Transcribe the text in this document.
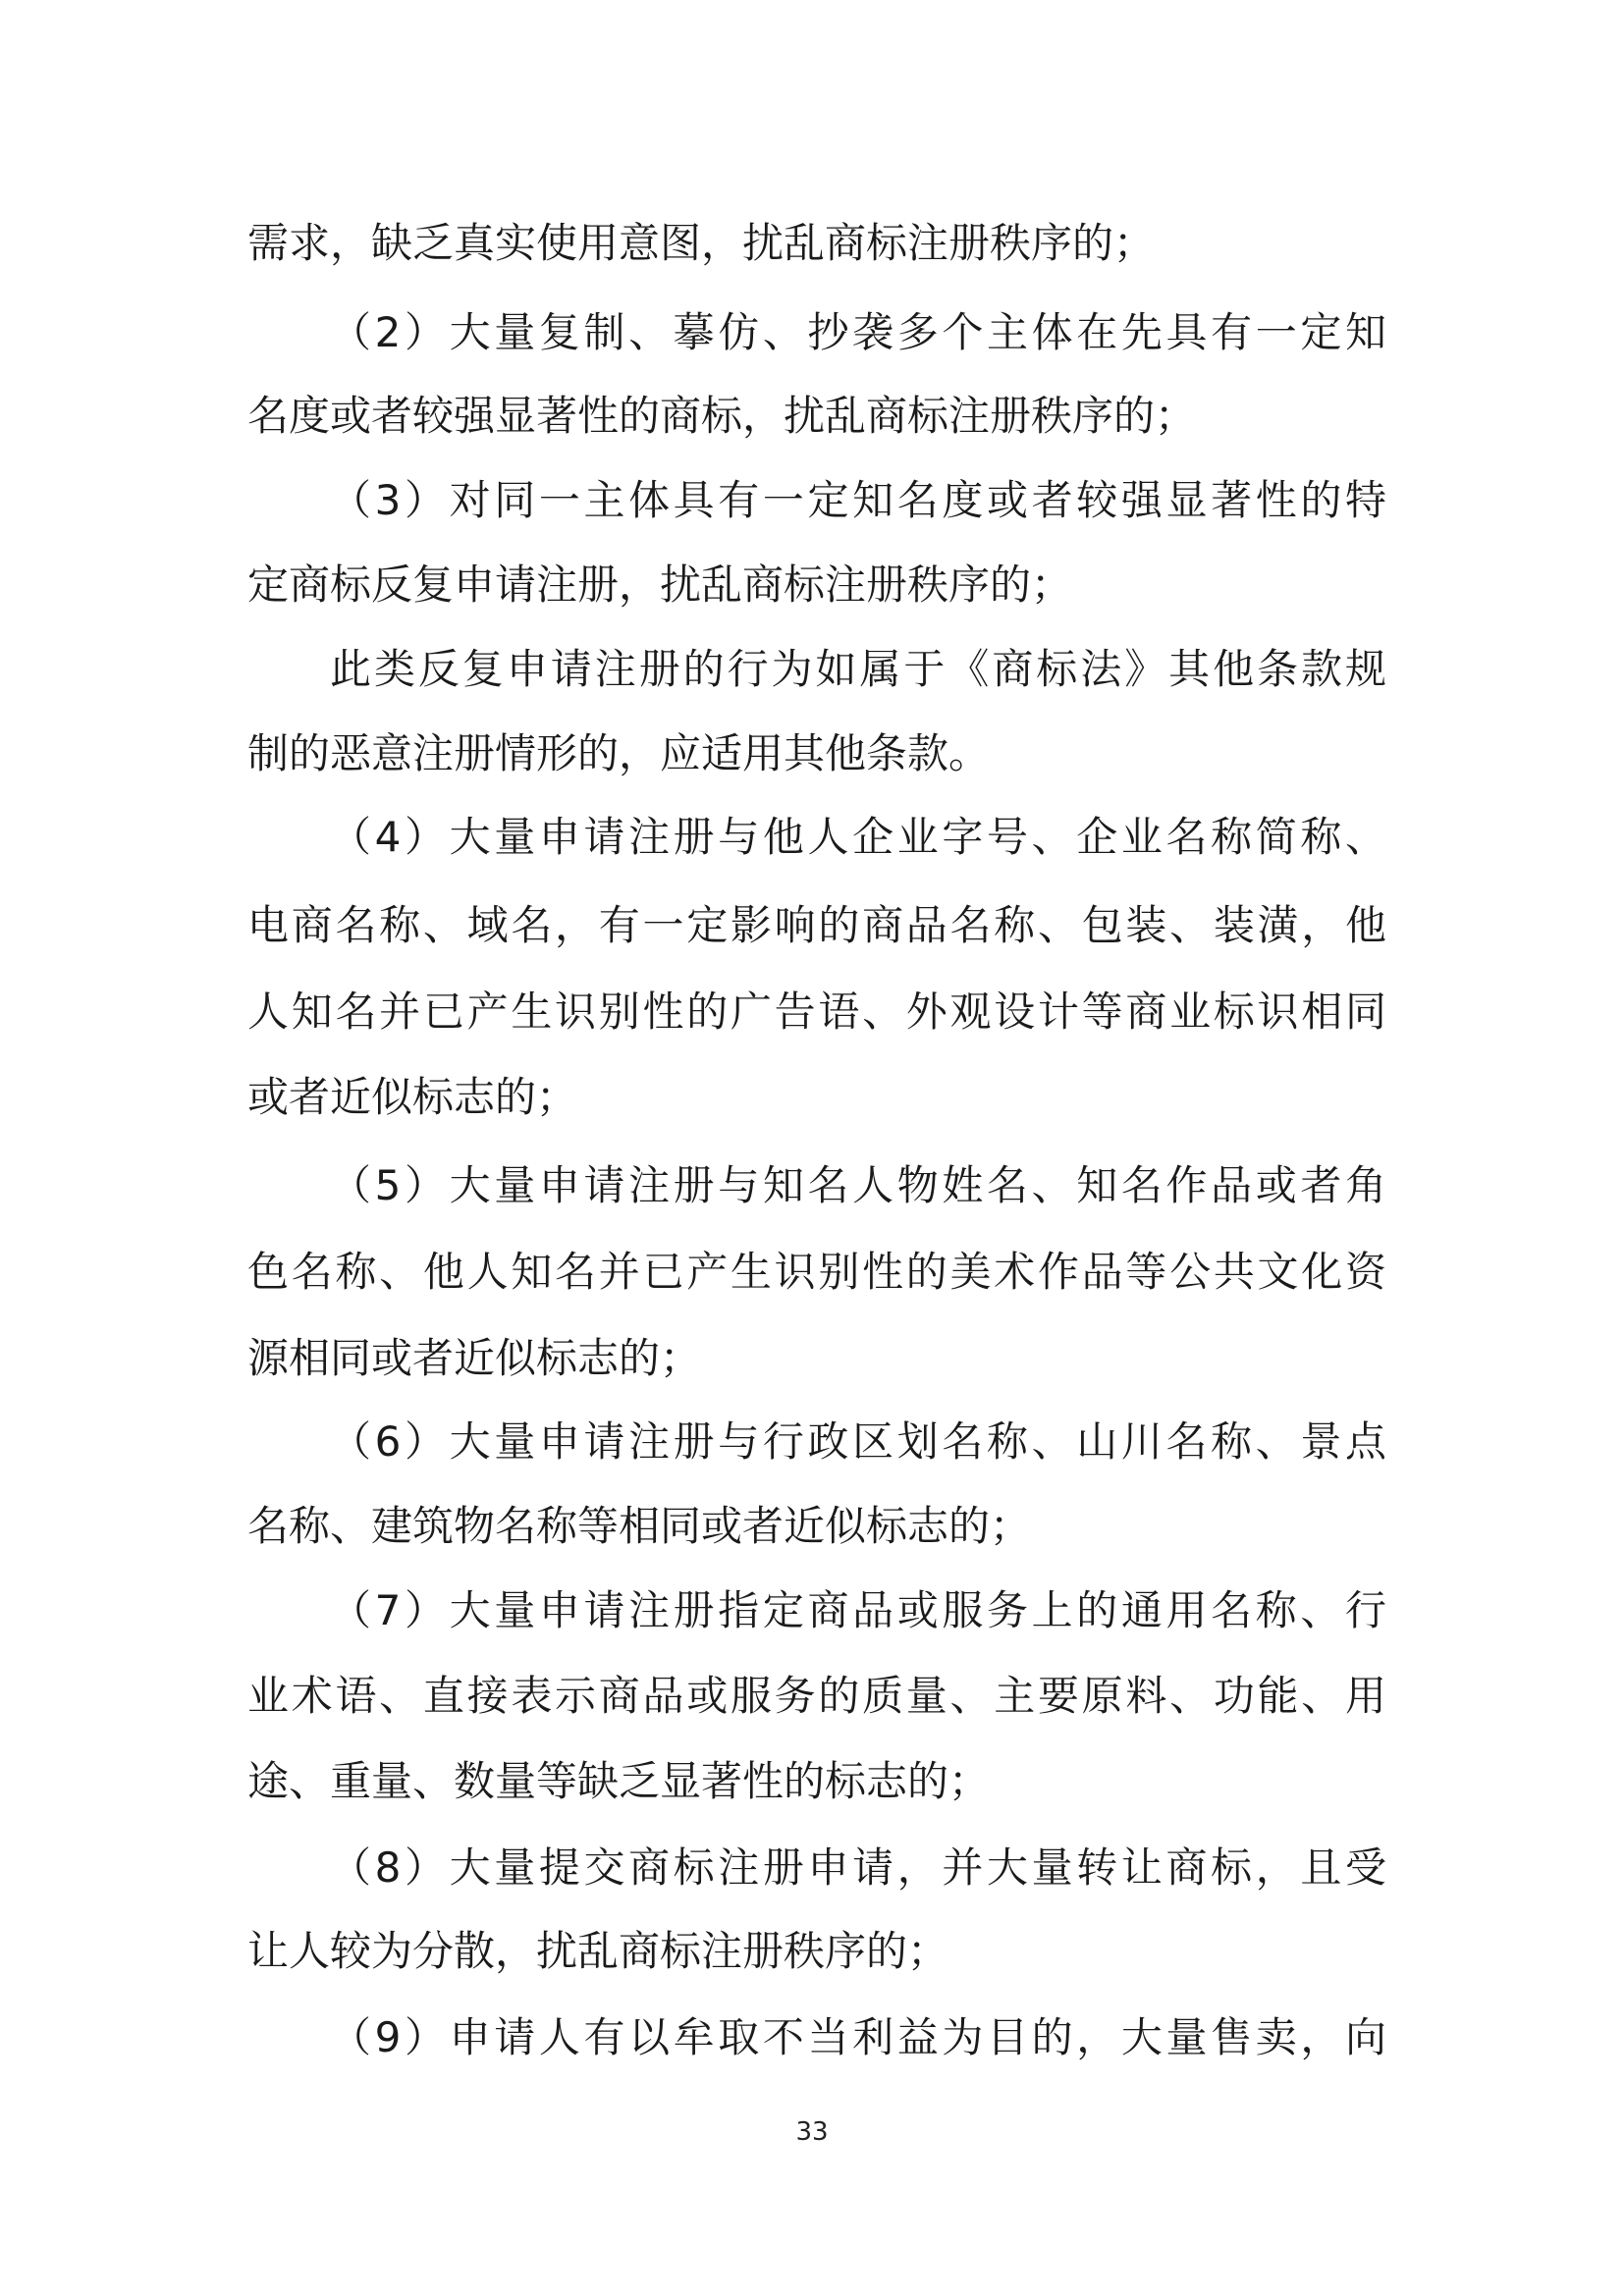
需求，缺乏真实使用意图，扰乱商标注册秩序的；
（2）大量复制、摹仿、抄袭多个主体在先具有一定知
名度或者较强显著性的商标，扰乱商标注册秩序的；
（3）对同一主体具有一定知名度或者较强显著性的特
定商标反复申请注册，扰乱商标注册秩序的；
此类反复申请注册的行为如属于《商标法》其他条款规
制的恶意注册情形的，应适用其他条款。
（4）大量申请注册与他人企业字号、企业名称简称、
电商名称、域名，有一定影响的商品名称、包装、装潢，他
人知名并已产生识别性的广告语、外观设计等商业标识相同
或者近似标志的；
（5）大量申请注册与知名人物姓名、知名作品或者角
色名称、他人知名并已产生识别性的美术作品等公共文化资
源相同或者近似标志的；
（6）大量申请注册与行政区划名称、山川名称、景点
名称、建筑物名称等相同或者近似标志的；
（7）大量申请注册指定商品或服务上的通用名称、行
业术语、直接表示商品或服务的质量、主要原料、功能、用
途、重量、数量等缺乏显著性的标志的；
（8）大量提交商标注册申请，并大量转让商标，且受
让人较为分散，扰乱商标注册秩序的；
（9）申请人有以牟取不当利益为目的，大量售卖，向
33
